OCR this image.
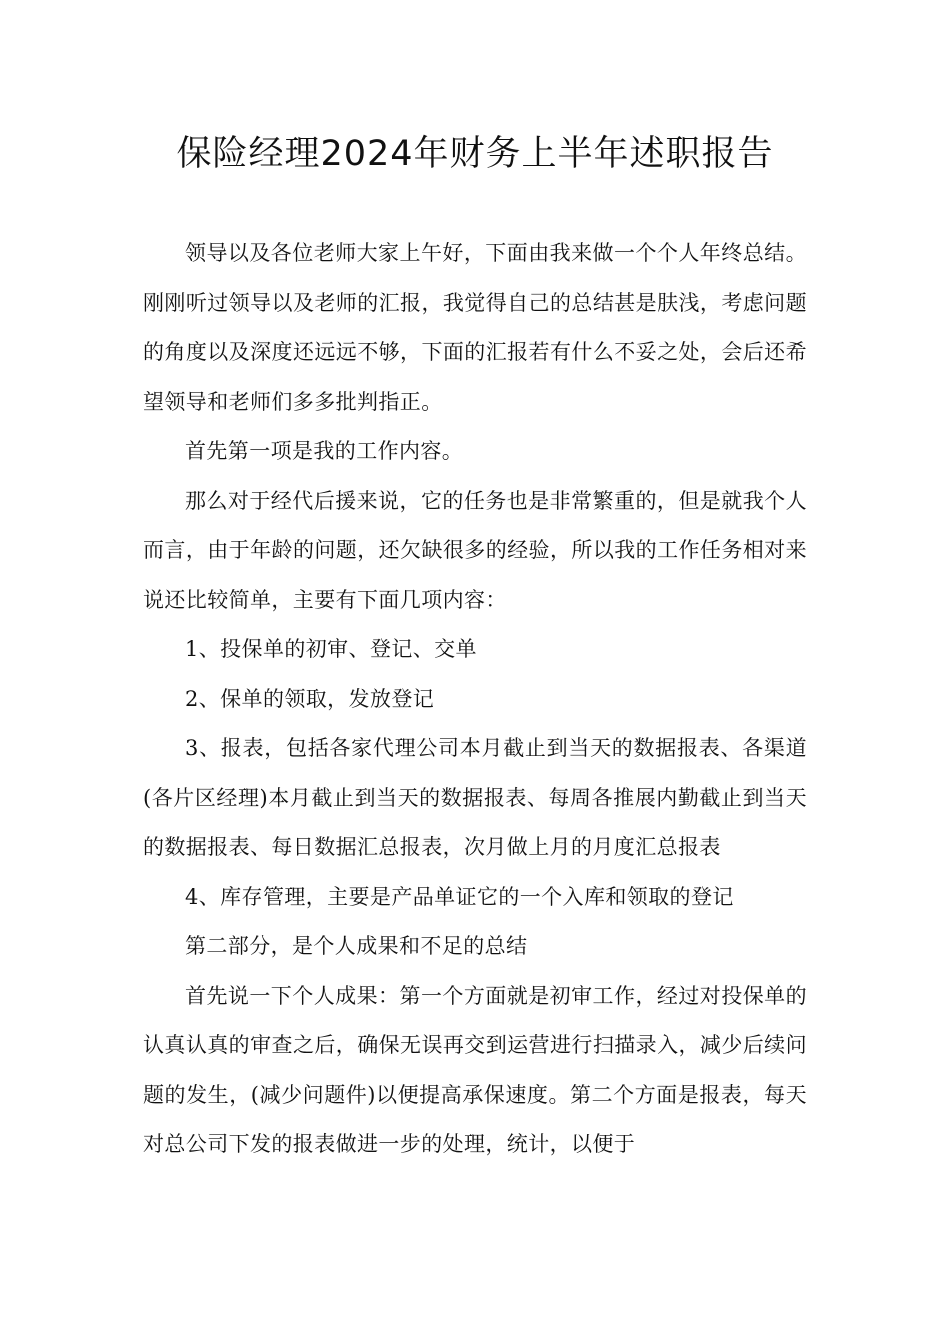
保险经理2024年财务上半年述职报告

领导以及各位老师大家上午好，下面由我来做一个个人年终总结。刚刚听过领导以及老师的汇报，我觉得自己的总结甚是肤浅，考虑问题的角度以及深度还远远不够，下面的汇报若有什么不妥之处，会后还希望领导和老师们多多批判指正。

首先第一项是我的工作内容。

那么对于经代后援来说，它的任务也是非常繁重的，但是就我个人而言，由于年龄的问题，还欠缺很多的经验，所以我的工作任务相对来说还比较简单，主要有下面几项内容：

1、投保单的初审、登记、交单

2、保单的领取，发放登记

3、报表，包括各家代理公司本月截止到当天的数据报表、各渠道(各片区经理)本月截止到当天的数据报表、每周各推展内勤截止到当天的数据报表、每日数据汇总报表，次月做上月的月度汇总报表

4、库存管理，主要是产品单证它的一个入库和领取的登记

第二部分，是个人成果和不足的总结

首先说一下个人成果：第一个方面就是初审工作，经过对投保单的认真认真的审查之后，确保无误再交到运营进行扫描录入，减少后续问题的发生，(减少问题件)以便提高承保速度。第二个方面是报表，每天对总公司下发的报表做进一步的处理，统计，以便于
